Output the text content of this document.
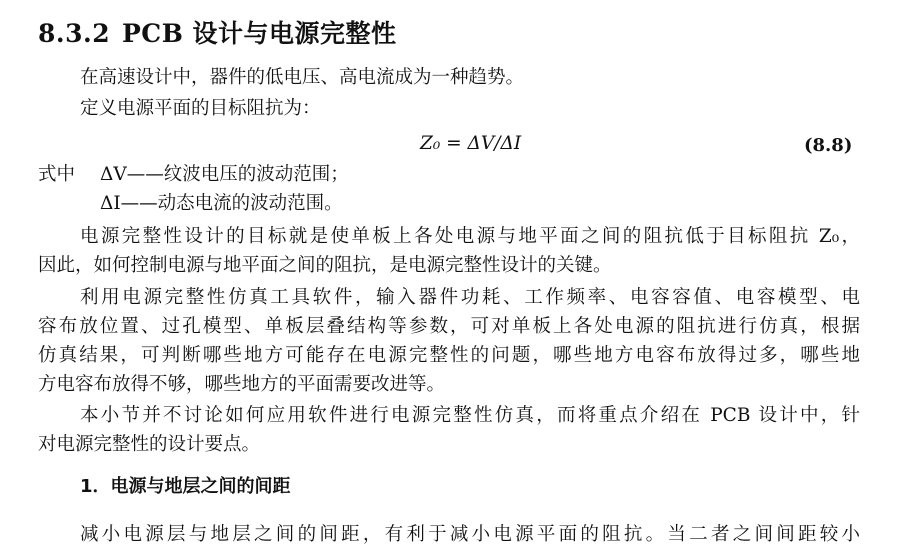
8.3.2 PCB 设计与电源完整性
在高速设计中，器件的低电压、高电流成为一种趋势。
定义电源平面的目标阻抗为：
Z₀ = ΔV/ΔI	(8.8)
式中 ΔV——纹波电压的波动范围；
ΔI——动态电流的波动范围。
电源完整性设计的目标就是使单板上各处电源与地平面之间的阻抗低于目标阻抗 Z₀，
因此，如何控制电源与地平面之间的阻抗，是电源完整性设计的关键。
利用电源完整性仿真工具软件，输入器件功耗、工作频率、电容容值、电容模型、电
容布放位置、过孔模型、单板层叠结构等参数，可对单板上各处电源的阻抗进行仿真，根据
仿真结果，可判断哪些地方可能存在电源完整性的问题，哪些地方电容布放得过多，哪些地
方电容布放得不够，哪些地方的平面需要改进等。
本小节并不讨论如何应用软件进行电源完整性仿真，而将重点介绍在 PCB 设计中，针
对电源完整性的设计要点。
1．电源与地层之间的间距
减小电源层与地层之间的间距，有利于减小电源平面的阻抗。当二者之间间距较小
